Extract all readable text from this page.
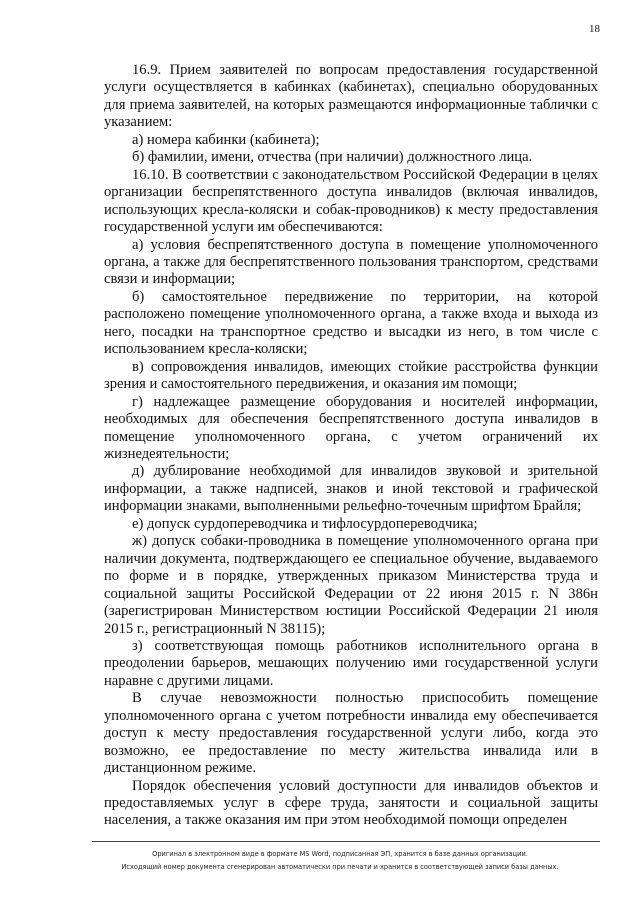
18

16.9. Прием заявителей по вопросам предоставления государственной услуги осуществляется в кабинках (кабинетах), специально оборудованных для приема заявителей, на которых размещаются информационные таблички с указанием:

а) номера кабинки (кабинета);

б) фамилии, имени, отчества (при наличии) должностного лица.

16.10. В соответствии с законодательством Российской Федерации в целях организации беспрепятственного доступа инвалидов (включая инвалидов, использующих кресла-коляски и собак-проводников) к месту предоставления государственной услуги им обеспечиваются:

а) условия беспрепятственного доступа в помещение уполномоченного органа, а также для беспрепятственного пользования транспортом, средствами связи и информации;

б) самостоятельное передвижение по территории, на которой расположено помещение уполномоченного органа, а также входа и выхода из него, посадки на транспортное средство и высадки из него, в том числе с использованием кресла-коляски;

в) сопровождения инвалидов, имеющих стойкие расстройства функции зрения и самостоятельного передвижения, и оказания им помощи;

г) надлежащее размещение оборудования и носителей информации, необходимых для обеспечения беспрепятственного доступа инвалидов в помещение уполномоченного органа, с учетом ограничений их жизнедеятельности;

д) дублирование необходимой для инвалидов звуковой и зрительной информации, а также надписей, знаков и иной текстовой и графической информации знаками, выполненными рельефно-точечным шрифтом Брайля;

е) допуск сурдопереводчика и тифлосурдопереводчика;

ж) допуск собаки-проводника в помещение уполномоченного органа при наличии документа, подтверждающего ее специальное обучение, выдаваемого по форме и в порядке, утвержденных приказом Министерства труда и социальной защиты Российской Федерации от 22 июня 2015 г. N 386н (зарегистрирован Министерством юстиции Российской Федерации 21 июля 2015 г., регистрационный N 38115);

з) соответствующая помощь работников исполнительного органа в преодолении барьеров, мешающих получению ими государственной услуги наравне с другими лицами.

В случае невозможности полностью приспособить помещение уполномоченного органа с учетом потребности инвалида ему обеспечивается доступ к месту предоставления государственной услуги либо, когда это возможно, ее предоставление по месту жительства инвалида или в дистанционном режиме.

Порядок обеспечения условий доступности для инвалидов объектов и предоставляемых услуг в сфере труда, занятости и социальной защиты населения, а также оказания им при этом необходимой помощи определен

Оригинал в электронном виде в формате MS Word, подписанная ЭП, хранится в базе данных организации.
Исходящий номер документа сгенерирован автоматически при печати и хранится в соответствующей записи базы данных.
